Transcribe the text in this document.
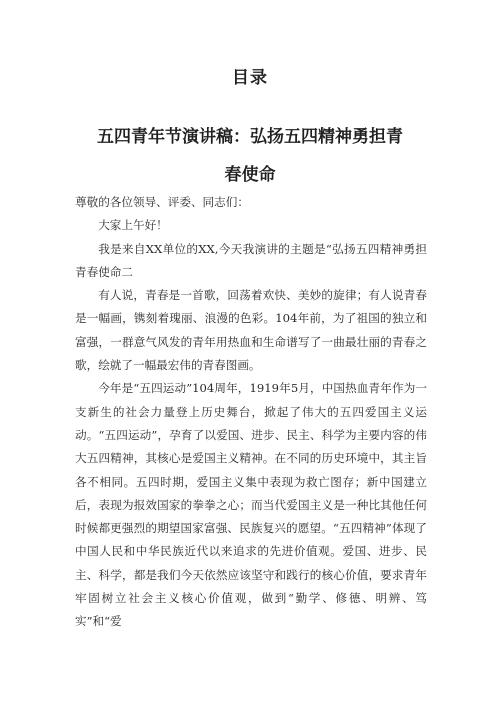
目录
五四青年节演讲稿：弘扬五四精神勇担青
春使命

尊敬的各位领导、评委、同志们：

大家上午好！

我是来自XX单位的XX,今天我演讲的主题是“弘扬五四精神勇担青春使命二

有人说，青春是一首歌，回荡着欢快、美妙的旋律；有人说青春是一幅画，镌刻着瑰丽、浪漫的色彩。104年前，为了祖国的独立和富强，一群意气风发的青年用热血和生命谱写了一曲最壮丽的青春之歌，绘就了一幅最宏伟的青春图画。

今年是“五四运动”104周年，1919年5月，中国热血青年作为一支新生的社会力量登上历史舞台，掀起了伟大的五四爱国主义运动。“五四运动”，孕育了以爱国、进步、民主、科学为主要内容的伟大五四精神，其核心是爱国主义精神。在不同的历史环境中，其主旨各不相同。五四时期，爱国主义集中表现为救亡图存；新中国建立后，表现为报效国家的拳拳之心；而当代爱国主义是一种比其他任何时候都更强烈的期望国家富强、民族复兴的愿望。“五四精神”体现了中国人民和中华民族近代以来追求的先进价值观。爱国、进步、民主、科学，都是我们今天依然应该坚守和践行的核心价值，要求青年牢固树立社会主义核心价值观，做到“勤学、修德、明辨、笃实”和“爱
